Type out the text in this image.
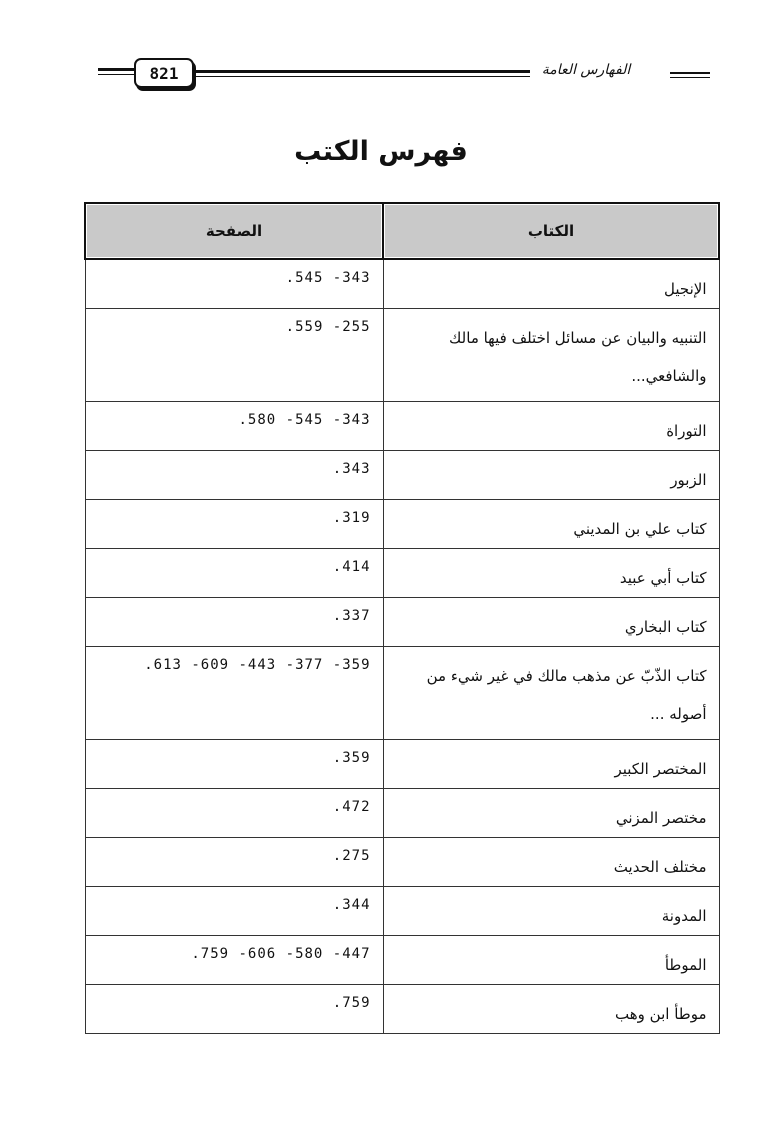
821	الفهارس العامة
فهرس الكتب
الكتاب	الصفحة
الإنجيل	.545 -343
التنبيه والبيان عن مسائل اختلف فيها مالك والشافعي...	.559 -255
التوراة	.580 -545 -343
الزبور	.343
كتاب علي بن المديني	.319
كتاب أبي عبيد	.414
كتاب البخاري	.337
كتاب الذّبّ عن مذهب مالك في غير شيء من أصوله ...	.613 -609 -443 -377 -359
المختصر الكبير	.359
مختصر المزني	.472
مختلف الحديث	.275
المدونة	.344
الموطأ	.759 -606 -580 -447
موطأ ابن وهب	.759
